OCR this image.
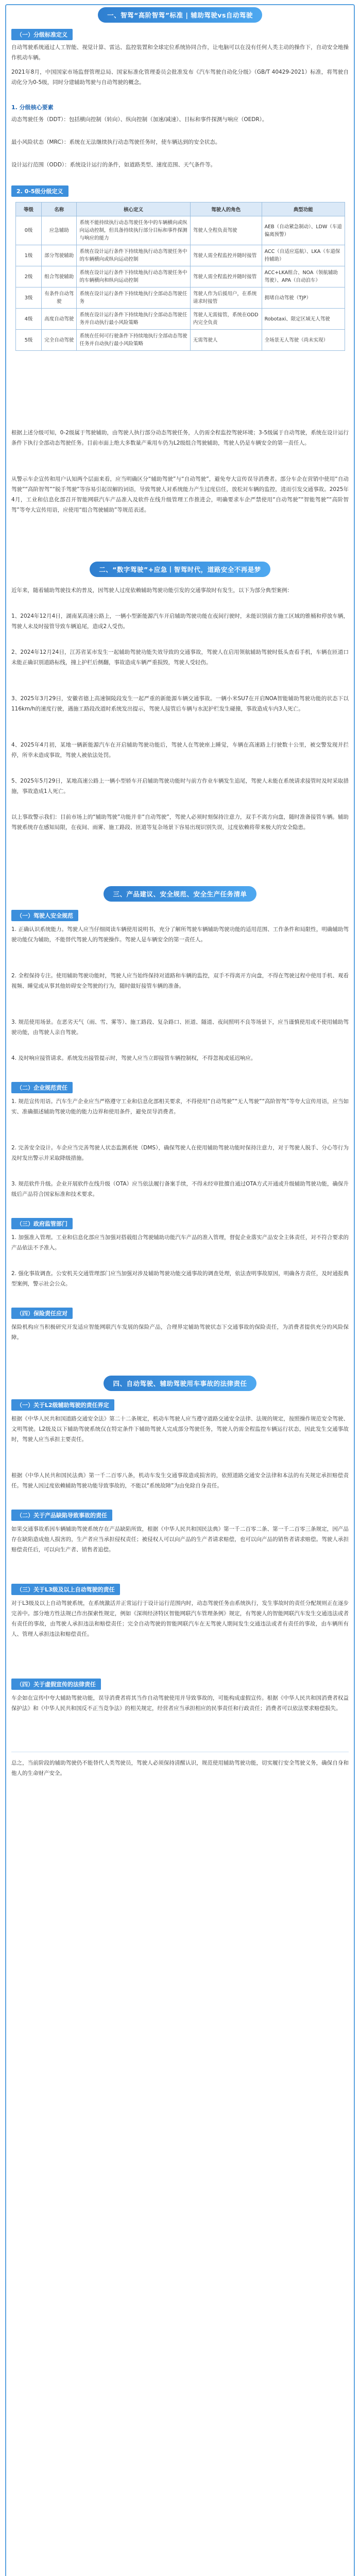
一、智驾“高阶智驾”标准 | 辅助驾驶vs自动驾驶
（一）分级标准定义
自动驾驶系统通过人工智能、视觉计算、雷达、监控装置和全球定位系统协同合作，让电脑可以在没有任何人类主动的操作下，自动安全地操作机动车辆。
2021年8月，中国国家市场监督管理总局、国家标准化管理委员会批准发布《汽车驾驶自动化分级》（GB/T 40429-2021）标准，将驾驶自动化分为0-5级，同时分建辅助驾驶与自动驾驶的概念。
1. 分级核心要素
动态驾驶任务（DDT）：包括横向控制（转向）、纵向控制（加速/减速）、目标和事件探测与响应（OEDR）。
最小风险状态（MRC）：系统在无法继续执行动态驾驶任务时，使车辆达到的安全状态。
设计运行范围（ODD）：系统设计运行的条件，如道路类型、速度范围、天气条件等。
2. 0-5级分级定义
等级	名称	核心定义	驾驶人的角色	典型功能
0级	应急辅助	系统不能持续执行动态驾驶任务中的车辆横向或纵向运动控制，但具备持续执行部分目标和事件探测与响应的能力	驾驶人全程负责驾驶	AEB（自动紧急制动）、LDW（车道偏离预警）
1级	部分驾驶辅助	系统在设计运行条件下持续地执行动态驾驶任务中的车辆横向或纵向运动控制	驾驶人需全程监控并随时接管	ACC（自适应巡航）、LKA（车道保持辅助）
2级	组合驾驶辅助	系统在设计运行条件下持续地执行动态驾驶任务中的车辆横向和纵向运动控制	驾驶人需全程监控并随时接管	ACC+LKA组合、NOA（领航辅助驾驶）、APA（自动泊车）
3级	有条件自动驾驶	系统在设计运行条件下持续地执行全部动态驾驶任务	驾驶人作为后援用户，在系统请求时接管	拥堵自动驾驶（TJP）
4级	高度自动驾驶	系统在设计运行条件下持续地执行全部动态驾驶任务并自动执行最小风险策略	驾驶人无需接管，系统在ODD内完全负责	Robotaxi、限定区域无人驾驶
5级	完全自动驾驶	系统在任何可行驶条件下持续地执行全部动态驾驶任务并自动执行最小风险策略	无需驾驶人	全场景无人驾驶（尚未实现）
根据上述分级可知，0-2级属于驾驶辅助，由驾驶人执行部分动态驾驶任务，人仍需全程监控驾驶环境；3-5级属于自动驾驶，系统在设计运行条件下执行全部动态驾驶任务。目前市面上绝大多数量产乘用车仍为L2级组合驾驶辅助，驾驶人仍是车辆安全的第一责任人。
从警示车企宣传和用户认知两个层面来看，应当明确区分“辅助驾驶”与“自动驾驶”，避免夸大宣传误导消费者。部分车企在营销中使用“自动驾驶”“高阶智驾”“脱手驾驶”等容易引起误解的词语，导致驾驶人对系统能力产生过度信任，放松对车辆的监控，进而引发交通事故。2025年4月，工业和信息化部召开智能网联汽车产品准入及软件在线升级管理工作推进会，明确要求车企严禁使用“自动驾驶”“智能驾驶”“高阶智驾”等夸大宣传用语，应使用“组合驾驶辅助”等规范表述。
二、“数字驾驶”+应急丨智驾时代，道路安全不再是梦
近年来，随着辅助驾驶技术的普及，因驾驶人过度依赖辅助驾驶功能引发的交通事故时有发生，以下为部分典型案例：
1、2024年12月4日，湖南某高速公路上，一辆小型新能源汽车开启辅助驾驶功能在夜间行驶时，未能识别前方施工区域的锥桶和停放车辆，驾驶人未及时接管导致车辆追尾，造成2人受伤。
2、2024年12月24日，江苏省某市发生一起辅助驾驶功能失效导致的交通事故，驾驶人在启用领航辅助驾驶时低头查看手机，车辆在匝道口未能正确识别道路标线，撞上护栏后侧翻，事故造成车辆严重损毁，驾驶人受轻伤。
3、2025年3月29日，安徽省德上高速铜陵段发生一起严重的新能源车辆交通事故。一辆小米SU7在开启NOA智能辅助驾驶功能的状态下以116km/h的速度行驶，遇施工路段改道时系统发出提示，驾驶人接管后车辆与水泥护栏发生碰撞，事故造成车内3人死亡。
4、2025年4月初，某地一辆新能源汽车在开启辅助驾驶功能后，驾驶人在驾驶座上睡觉，车辆在高速路上行驶数十公里，被交警发现并拦停，所幸未造成事故，驾驶人被依法处罚。
5、2025年5月29日，某地高速公路上一辆小型轿车开启辅助驾驶功能时与前方作业车辆发生追尾，驾驶人未能在系统请求接管时及时采取措施，事故造成1人死亡。
以上事故警示我们：目前市场上的“辅助驾驶”功能并非“自动驾驶”，驾驶人必须时刻保持注意力，双手不离方向盘，随时准备接管车辆。辅助驾驶系统存在感知局限，在夜间、雨雾、施工路段、匝道等复杂场景下容易出现识别失误，过度依赖将带来极大的安全隐患。
三、产品建议、安全规范、安全生产任务清单
（一）驾驶人安全规范
1. 正确认识系统能力。驾驶人应当仔细阅读车辆使用说明书，充分了解所驾驶车辆辅助驾驶功能的适用范围、工作条件和局限性，明确辅助驾驶功能仅为辅助，不能替代驾驶人的驾驶操作。驾驶人是车辆安全的第一责任人。
2. 全程保持专注。使用辅助驾驶功能时，驾驶人应当始终保持对道路和车辆的监控，双手不得离开方向盘，不得在驾驶过程中使用手机、观看视频、睡觉或从事其他妨碍安全驾驶的行为，随时做好接管车辆的准备。
3. 规范使用场景。在恶劣天气（雨、雪、雾等）、施工路段、复杂路口、匝道、隧道、夜间照明不良等场景下，应当谨慎使用或不使用辅助驾驶功能，由驾驶人亲自驾驶。
4. 及时响应接管请求。系统发出接管提示时，驾驶人应当立即接管车辆控制权，不得忽视或延迟响应。
（二）企业规范责任
1. 规范宣传用语。汽车生产企业应当严格遵守工业和信息化部相关要求，不得使用“自动驾驶”“无人驾驶”“高阶智驾”等夸大宣传用语，应当如实、准确描述辅助驾驶功能的能力边界和使用条件，避免误导消费者。
2. 完善安全设计。车企应当完善驾驶人状态监测系统（DMS），确保驾驶人在使用辅助驾驶功能时保持注意力，对于驾驶人脱手、分心等行为及时发出警示并采取降级措施。
3. 规范软件升级。企业开展软件在线升级（OTA）应当依法履行备案手续，不得未经审批擅自通过OTA方式开通或升级辅助驾驶功能，确保升级后产品符合国家标准和技术要求。
（三）政府监管部门
1. 加强准入管理。工业和信息化部应当加强对搭载组合驾驶辅助功能汽车产品的准入管理，督促企业落实产品安全主体责任，对不符合要求的产品依法不予准入。
2. 强化事故调查。公安机关交通管理部门应当加强对涉及辅助驾驶功能交通事故的调查处理，依法查明事故原因，明确各方责任，及时通报典型案例，警示社会公众。
（四）保险责任应对
保险机构应当积极研究开发适应智能网联汽车发展的保险产品，合理界定辅助驾驶状态下交通事故的保险责任，为消费者提供充分的风险保障。
四、自动驾驶、辅助驾驶用车事故的法律责任
（一）关于L2级辅助驾驶的责任界定
根据《中华人民共和国道路交通安全法》第二十二条规定，机动车驾驶人应当遵守道路交通安全法律、法规的规定，按照操作规范安全驾驶、文明驾驶。L2级及以下辅助驾驶系统仅在特定条件下辅助驾驶人完成部分驾驶任务，驾驶人仍需全程监控车辆运行状态，因此发生交通事故时，驾驶人应当承担主要责任。
根据《中华人民共和国民法典》第一千二百零八条，机动车发生交通事故造成损害的，依照道路交通安全法律和本法的有关规定承担赔偿责任。驾驶人因过度依赖辅助驾驶功能导致事故的，不能以“系统故障”为由免除自身责任。
（二）关于产品缺陷导致事故的责任
如果交通事故系因车辆辅助驾驶系统存在产品缺陷所致，根据《中华人民共和国民法典》第一千二百零二条、第一千二百零三条规定，因产品存在缺陷造成他人损害的，生产者应当承担侵权责任；被侵权人可以向产品的生产者请求赔偿，也可以向产品的销售者请求赔偿。驾驶人承担赔偿责任后，可以向生产者、销售者追偿。
（三）关于L3级及以上自动驾驶的责任
对于L3级及以上自动驾驶系统，在系统激活并正常运行于设计运行范围内时，动态驾驶任务由系统执行，发生事故时的责任分配规则正在逐步完善中。部分地方性法规已作出探索性规定，例如《深圳经济特区智能网联汽车管理条例》规定，有驾驶人的智能网联汽车发生交通违法或者有责任的事故，由驾驶人承担违法和赔偿责任；完全自动驾驶的智能网联汽车在无驾驶人期间发生交通违法或者有责任的事故，由车辆所有人、管理人承担违法和赔偿责任。
（四）关于虚假宣传的法律责任
车企如在宣传中夸大辅助驾驶功能，误导消费者将其当作自动驾驶使用并导致事故的，可能构成虚假宣传。根据《中华人民共和国消费者权益保护法》和《中华人民共和国反不正当竞争法》的相关规定，经营者应当承担相应的民事责任和行政责任；消费者可以依法要求赔偿损失。
总之，当前阶段的辅助驾驶仍不能替代人类驾驶员，驾驶人必须保持清醒认识，规范使用辅助驾驶功能，切实履行安全驾驶义务，确保自身和他人的生命财产安全。
